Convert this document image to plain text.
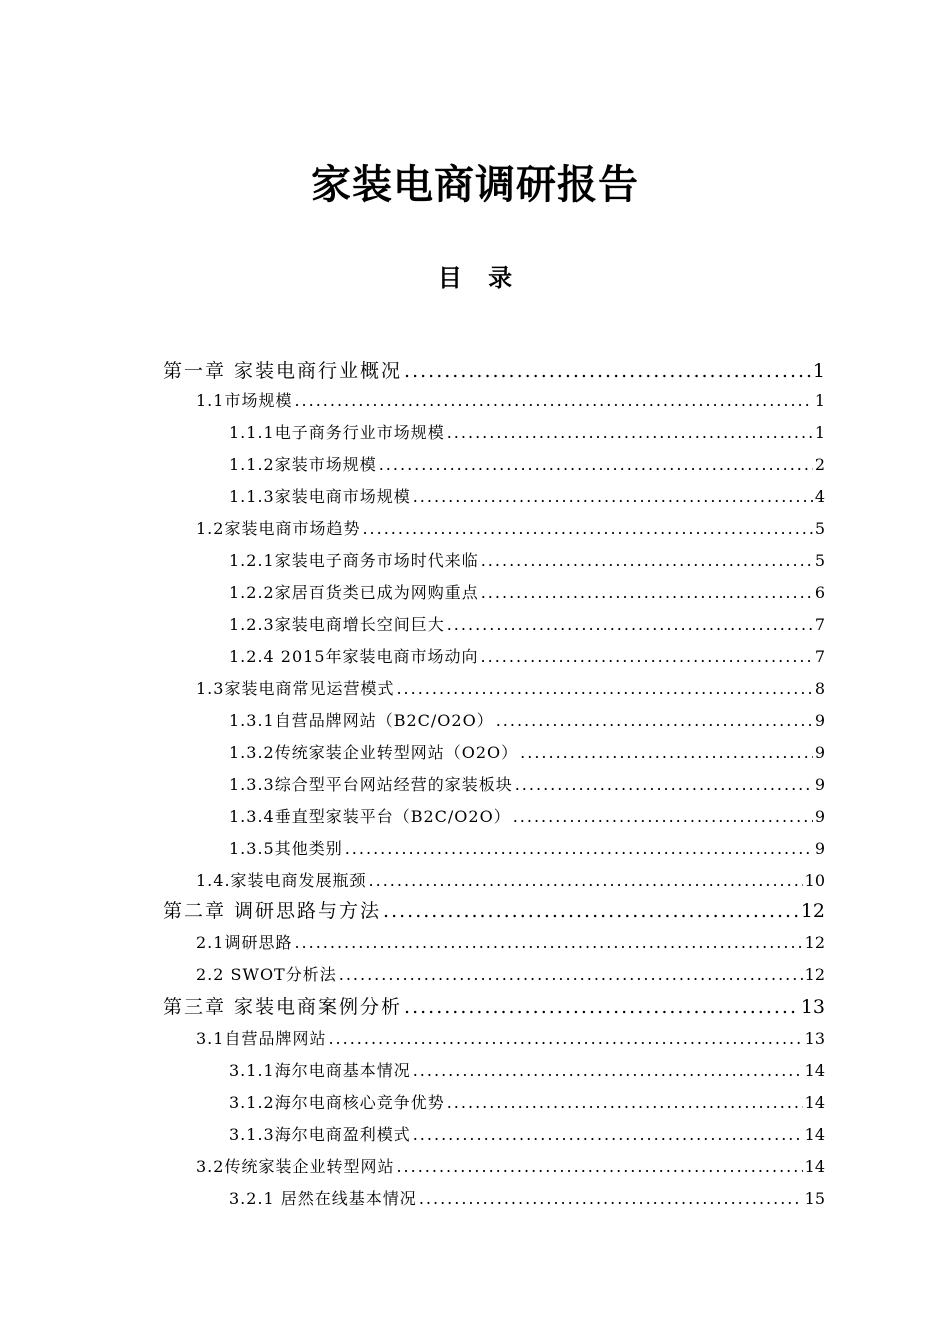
家装电商调研报告
目 录
第一章 家装电商行业概况 .....	1
1.1市场规模 .....	1
1.1.1电子商务行业市场规模 .....	1
1.1.2家装市场规模 .....	2
1.1.3家装电商市场规模 .....	4
1.2家装电商市场趋势 .....	5
1.2.1家装电子商务市场时代来临 .....	5
1.2.2家居百货类已成为网购重点 .....	6
1.2.3家装电商增长空间巨大 .....	7
1.2.4 2015年家装电商市场动向 .....	7
1.3家装电商常见运营模式 .....	8
1.3.1自营品牌网站（B2C/O2O） .....	9
1.3.2传统家装企业转型网站（O2O） .....	9
1.3.3综合型平台网站经营的家装板块 .....	9
1.3.4垂直型家装平台（B2C/O2O） .....	9
1.3.5其他类别 .....	9
1.4.家装电商发展瓶颈 .....	10
第二章 调研思路与方法 .....	12
2.1调研思路 .....	12
2.2 SWOT分析法 .....	12
第三章 家装电商案例分析 .....	13
3.1自营品牌网站 .....	13
3.1.1海尔电商基本情况 .....	14
3.1.2海尔电商核心竞争优势 .....	14
3.1.3海尔电商盈利模式 .....	14
3.2传统家装企业转型网站 .....	14
3.2.1 居然在线基本情况 .....	15
